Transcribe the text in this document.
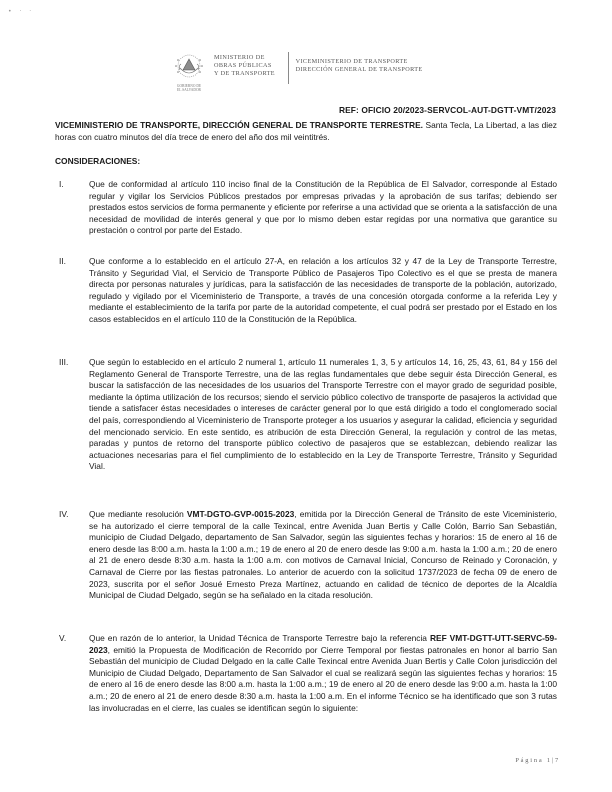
• · ·
GOBIERNO DE
EL SALVADOR
MINISTERIO DE
OBRAS PÚBLICAS
Y DE TRANSPORTE
VICEMINISTERIO DE TRANSPORTE
DIRECCIÓN GENERAL DE TRANSPORTE
REF: OFICIO 20/2023-SERVCOL-AUT-DGTT-VMT/2023
VICEMINISTERIO DE TRANSPORTE, DIRECCIÓN GENERAL DE TRANSPORTE TERRESTRE. Santa Tecla, La Libertad, a las diez horas con cuatro minutos del día trece de enero del año dos mil veintitrés.
CONSIDERACIONES:
I.	Que de conformidad al artículo 110 inciso final de la Constitución de la República de El Salvador, corresponde al Estado regular y vigilar los Servicios Públicos prestados por empresas privadas y la aprobación de sus tarifas; debiendo ser prestados estos servicios de forma permanente y eficiente por referirse a una actividad que se orienta a la satisfacción de una necesidad de movilidad de interés general y que por lo mismo deben estar regidas por una normativa que garantice su prestación o control por parte del Estado.
II.	Que conforme a lo establecido en el artículo 27-A, en relación a los artículos 32 y 47 de la Ley de Transporte Terrestre, Tránsito y Seguridad Vial, el Servicio de Transporte Público de Pasajeros Tipo Colectivo es el que se presta de manera directa por personas naturales y jurídicas, para la satisfacción de las necesidades de transporte de la población, autorizado, regulado y vigilado por el Viceministerio de Transporte, a través de una concesión otorgada conforme a la referida Ley y mediante el establecimiento de la tarifa por parte de la autoridad competente, el cual podrá ser prestado por el Estado en los casos establecidos en el artículo 110 de la Constitución de la República.
III.	Que según lo establecido en el artículo 2 numeral 1, artículo 11 numerales 1, 3, 5 y artículos 14, 16, 25, 43, 61, 84 y 156 del Reglamento General de Transporte Terrestre, una de las reglas fundamentales que debe seguir ésta Dirección General, es buscar la satisfacción de las necesidades de los usuarios del Transporte Terrestre con el mayor grado de seguridad posible, mediante la óptima utilización de los recursos; siendo el servicio público colectivo de transporte de pasajeros la actividad que tiende a satisfacer éstas necesidades o intereses de carácter general por lo que está dirigido a todo el conglomerado social del país, correspondiendo al Viceministerio de Transporte proteger a los usuarios y asegurar la calidad, eficiencia y seguridad del mencionado servicio. En este sentido, es atribución de esta Dirección General, la regulación y control de las metas, paradas y puntos de retorno del transporte público colectivo de pasajeros que se establezcan, debiendo realizar las actuaciones necesarias para el fiel cumplimiento de lo establecido en la Ley de Transporte Terrestre, Tránsito y Seguridad Vial.
IV.	Que mediante resolución VMT-DGTO-GVP-0015-2023, emitida por la Dirección General de Tránsito de este Viceministerio, se ha autorizado el cierre temporal de la calle Texincal, entre Avenida Juan Bertis y Calle Colón, Barrio San Sebastián, municipio de Ciudad Delgado, departamento de San Salvador, según las siguientes fechas y horarios: 15 de enero al 16 de enero desde las 8:00 a.m. hasta la 1:00 a.m.; 19 de enero al 20 de enero desde las 9:00 a.m. hasta la 1:00 a.m.; 20 de enero al 21 de enero desde 8:30 a.m. hasta la 1:00 a.m. con motivos de Carnaval Inicial, Concurso de Reinado y Coronación, y Carnaval de Cierre por las fiestas patronales. Lo anterior de acuerdo con la solicitud 1737/2023 de fecha 09 de enero de 2023, suscrita por el señor Josué Ernesto Preza Martínez, actuando en calidad de técnico de deportes de la Alcaldía Municipal de Ciudad Delgado, según se ha señalado en la citada resolución.
V.	Que en razón de lo anterior, la Unidad Técnica de Transporte Terrestre bajo la referencia REF VMT-DGTT-UTT-SERVC-59-2023, emitió la Propuesta de Modificación de Recorrido por Cierre Temporal por fiestas patronales en honor al barrio San Sebastián del municipio de Ciudad Delgado en la calle Calle Texincal entre Avenida Juan Bertis y Calle Colon jurisdicción del Municipio de Ciudad Delgado, Departamento de San Salvador el cual se realizará según las siguientes fechas y horarios: 15 de enero al 16 de enero desde las 8:00 a.m. hasta la 1:00 a.m.; 19 de enero al 20 de enero desde las 9:00 a.m. hasta la 1:00 a.m.; 20 de enero al 21 de enero desde 8:30 a.m. hasta la 1:00 a.m. En el informe Técnico se ha identificado que son 3 rutas las involucradas en el cierre, las cuales se identifican según lo siguiente:
Página 1|7
